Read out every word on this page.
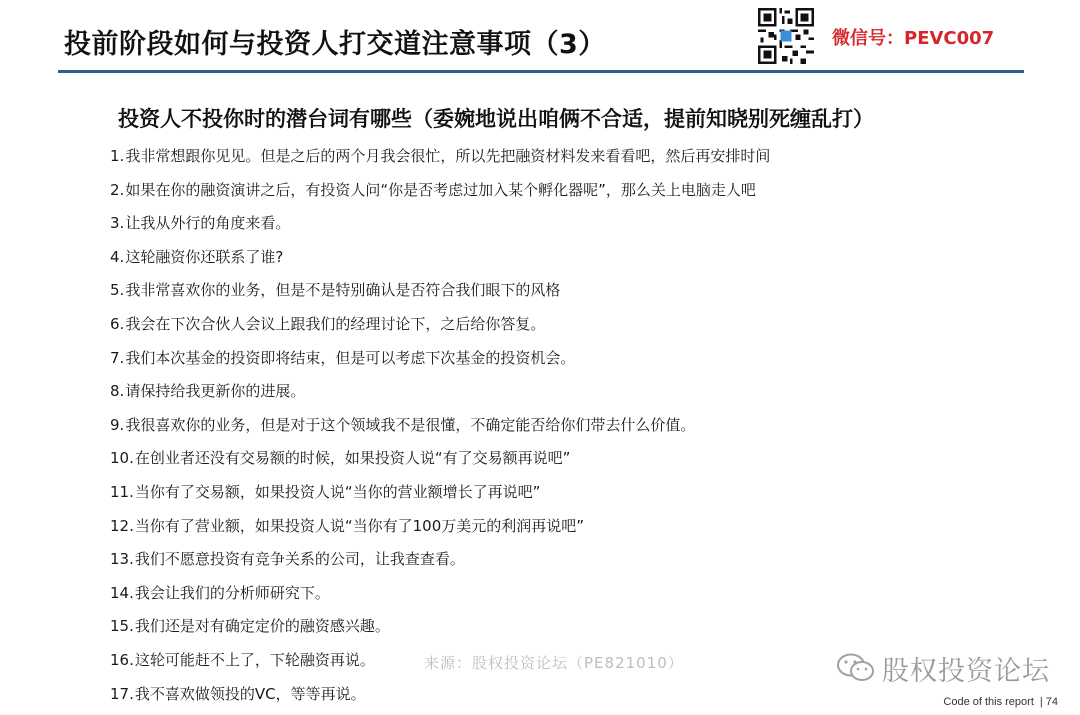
投前阶段如何与投资人打交道注意事项（3）	微信号：PEVC007
投资人不投你时的潜台词有哪些（委婉地说出咱俩不合适，提前知晓别死缠乱打）
1.我非常想跟你见见。但是之后的两个月我会很忙，所以先把融资材料发来看看吧，然后再安排时间
2.如果在你的融资演讲之后，有投资人问“你是否考虑过加入某个孵化器呢”，那么关上电脑走人吧
3.让我从外行的角度来看。
4.这轮融资你还联系了谁?
5.我非常喜欢你的业务，但是不是特别确认是否符合我们眼下的风格
6.我会在下次合伙人会议上跟我们的经理讨论下，之后给你答复。
7.我们本次基金的投资即将结束，但是可以考虑下次基金的投资机会。
8.请保持给我更新你的进展。
9.我很喜欢你的业务，但是对于这个领域我不是很懂，不确定能否给你们带去什么价值。
10.在创业者还没有交易额的时候，如果投资人说“有了交易额再说吧”
11.当你有了交易额，如果投资人说“当你的营业额增长了再说吧”
12.当你有了营业额，如果投资人说“当你有了100万美元的利润再说吧”
13.我们不愿意投资有竞争关系的公司，让我查查看。
14.我会让我们的分析师研究下。
15.我们还是对有确定定价的融资感兴趣。
16.这轮可能赶不上了，下轮融资再说。
17.我不喜欢做领投的VC，等等再说。
来源：股权投资论坛（PE821010）	股权投资论坛
Code of this report | 74
